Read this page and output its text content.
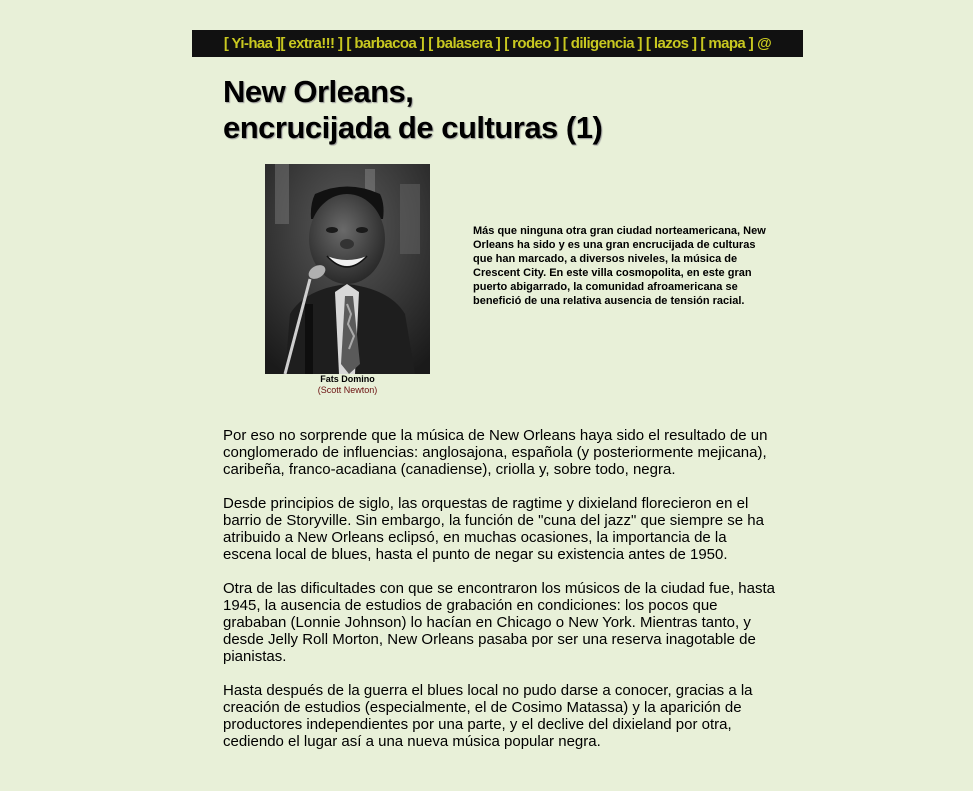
[ Yi-haa ] [ extra!!! ] [ barbacoa ] [ balasera ] [ rodeo ] [ diligencia ] [ lazos ] [ mapa ] @
New Orleans,
encrucijada de culturas (1)
Fats Domino
(Scott Newton)
Más que ninguna otra gran ciudad norteamericana, New Orleans ha sido y es una gran encrucijada de culturas que han marcado, a diversos niveles, la música de Crescent City. En este villa cosmopolita, en este gran puerto abigarrado, la comunidad afroamericana se benefició de una relativa ausencia de tensión racial.

Por eso no sorprende que la música de New Orleans haya sido el resultado de un conglomerado de influencias: anglosajona, española (y posteriormente mejicana), caribeña, franco-acadiana (canadiense), criolla y, sobre todo, negra.

Desde principios de siglo, las orquestas de ragtime y dixieland florecieron en el barrio de Storyville. Sin embargo, la función de "cuna del jazz" que siempre se ha atribuido a New Orleans eclipsó, en muchas ocasiones, la importancia de la escena local de blues, hasta el punto de negar su existencia antes de 1950.

Otra de las dificultades con que se encontraron los músicos de la ciudad fue, hasta 1945, la ausencia de estudios de grabación en condiciones: los pocos que grababan (Lonnie Johnson) lo hacían en Chicago o New York. Mientras tanto, y desde Jelly Roll Morton, New Orleans pasaba por ser una reserva inagotable de pianistas.

Hasta después de la guerra el blues local no pudo darse a conocer, gracias a la creación de estudios (especialmente, el de Cosimo Matassa) y la aparición de productores independientes por una parte, y el declive del dixieland por otra, cediendo el lugar así a una nueva música popular negra.
